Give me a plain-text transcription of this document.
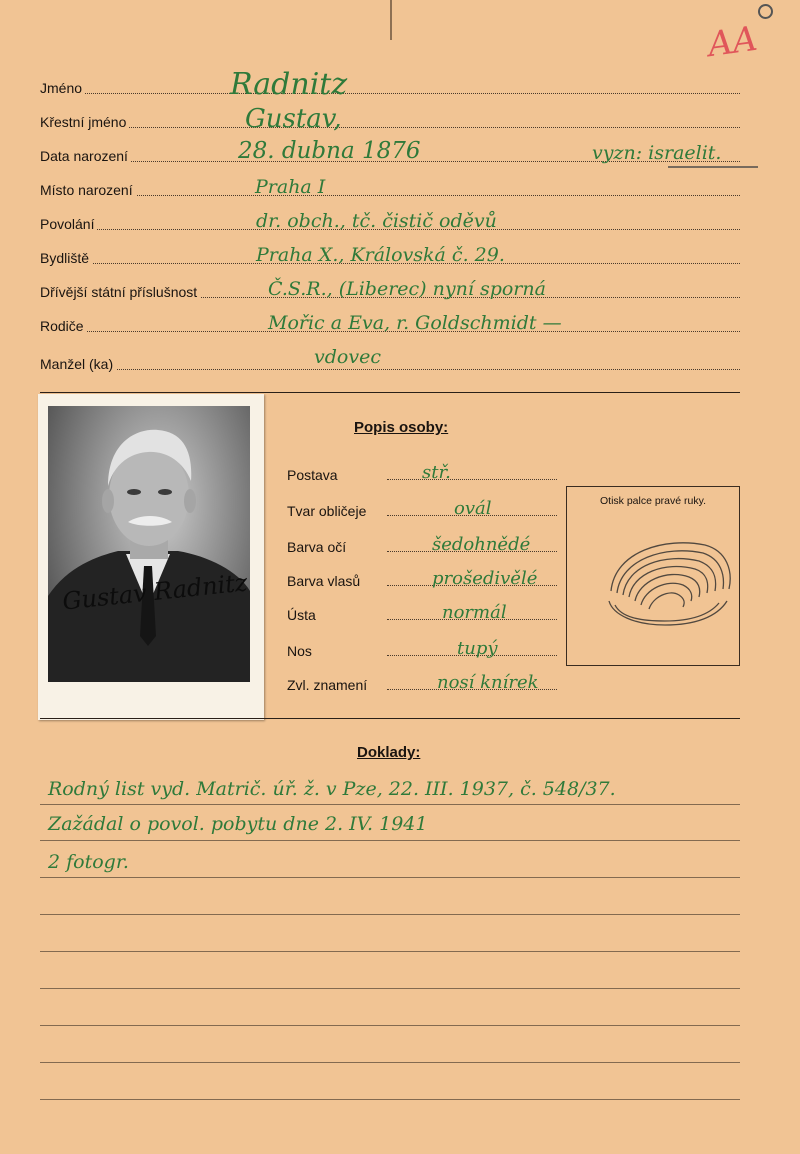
AA
Jméno	Radnitz
Křestní jméno	Gustav,
Data narození	28. dubna 1876	vyzn: israelit.
Místo narození	Praha I
Povolání	dr. obch., tč. čistič oděvů
Bydliště	Praha X., Královská č. 29.
Dřívější státní příslušnost	Č.S.R., (Liberec) nyní sporná
Rodiče	Mořic a Eva, r. Goldschmidt —
Manžel (ka)	vdovec
Gustav Radnitz
Popis osoby:
Postava	stř.
Tvar obličeje	ovál
Barva očí	šedohnědé
Barva vlasů	prošedivělé
Ústa	normál
Nos	tupý
Zvl. znamení	nosí knírek
Otisk palce pravé ruky.
Doklady:
Rodný list vyd. Matrič. úř. ž. v Pze, 22. III. 1937, č. 548/37.
Zažádal o povol. pobytu dne 2. IV. 1941
2 fotogr.
